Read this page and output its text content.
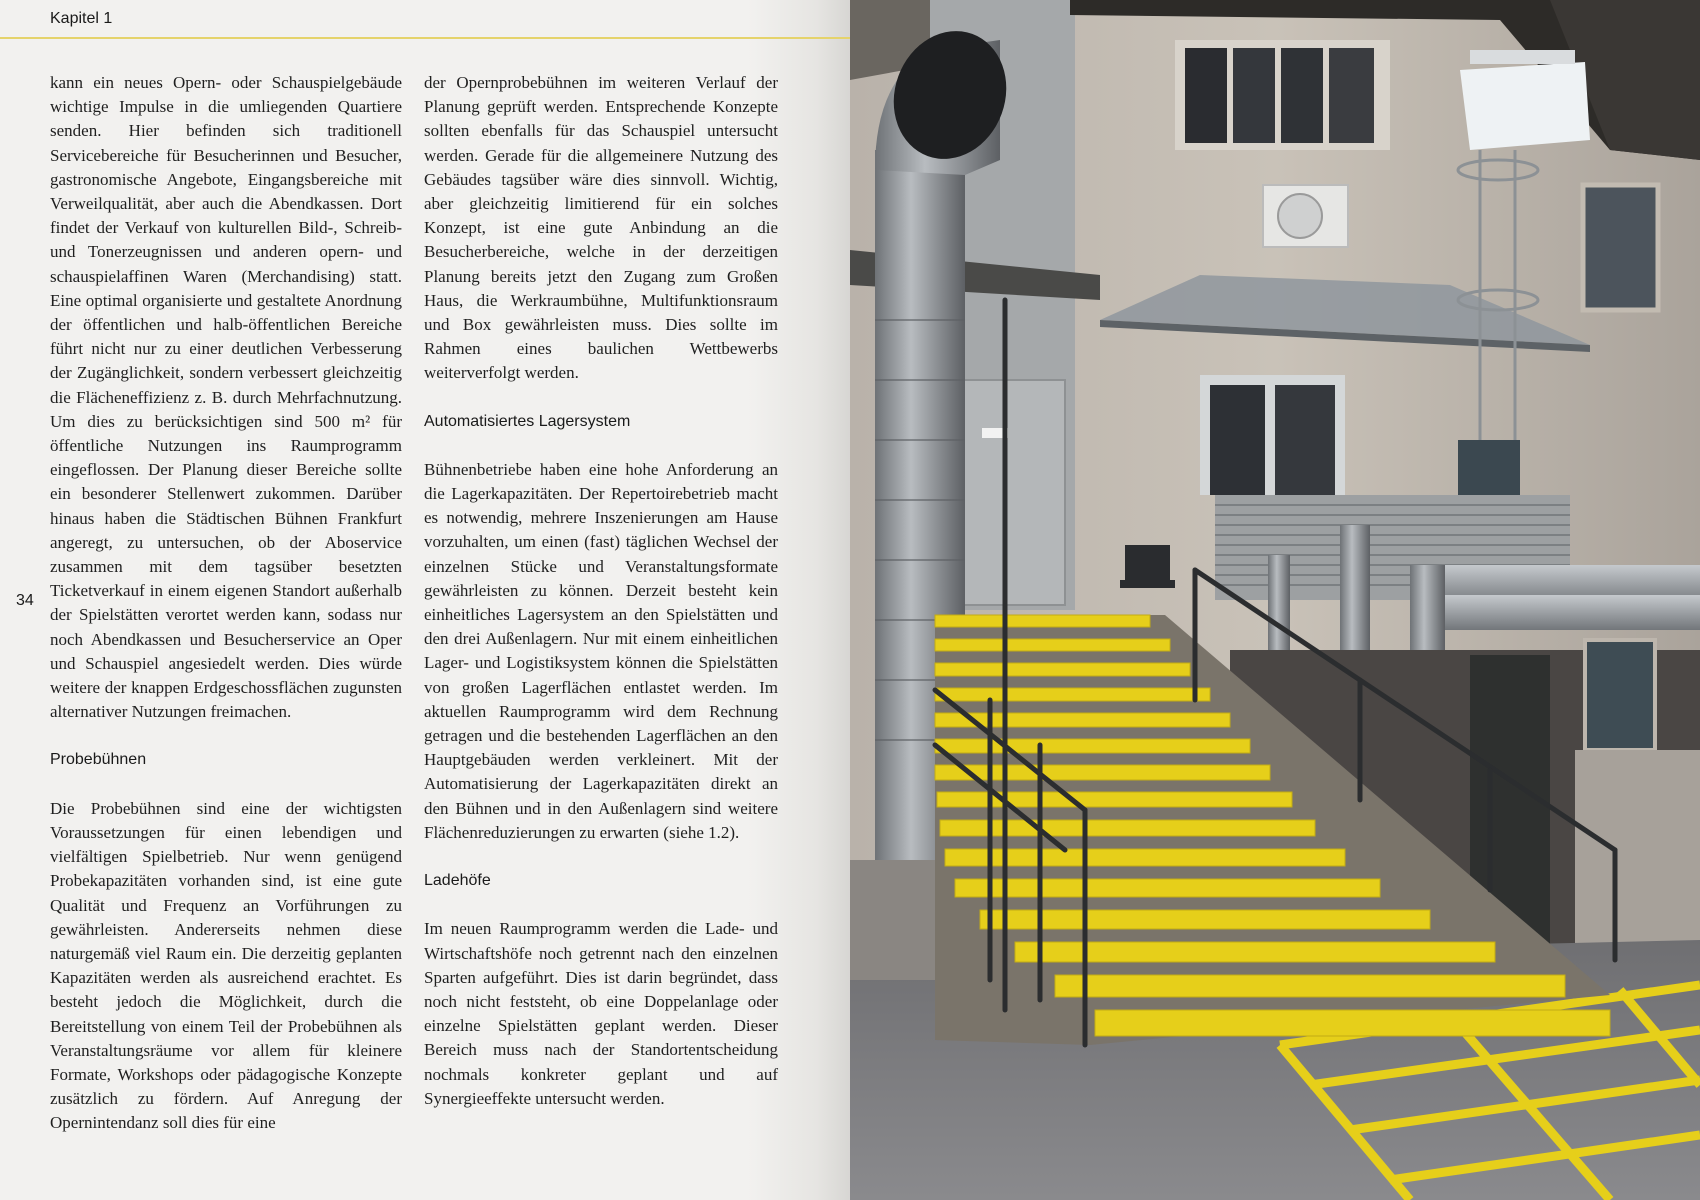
Kapitel 1
34

kann ein neues Opern- oder Schauspielgebäude wichtige Impulse in die umliegenden Quartiere senden. Hier befinden sich traditionell Servicebereiche für Besucherinnen und Besucher, gastronomische Angebote, Eingangsbereiche mit Verweilqualität, aber auch die Abendkassen. Dort findet der Verkauf von kulturellen Bild-, Schreib- und Tonerzeugnissen und anderen opern- und schauspielaffinen Waren (Merchandising) statt. Eine optimal organisierte und gestaltete Anordnung der öffentlichen und halb-öffentlichen Bereiche führt nicht nur zu einer deutlichen Verbesserung der Zugänglichkeit, sondern verbessert gleichzeitig die Flächeneffizienz z. B. durch Mehrfachnutzung. Um dies zu berücksichtigen sind 500 m² für öffentliche Nutzungen ins Raumprogramm eingeflossen. Der Planung dieser Bereiche sollte ein besonderer Stellenwert zukommen. Darüber hinaus haben die Städtischen Bühnen Frankfurt angeregt, zu untersuchen, ob der Aboservice zusammen mit dem tagsüber besetzten Ticketverkauf in einem eigenen Standort außerhalb der Spielstätten verortet werden kann, sodass nur noch Abendkassen und Besucherservice an Oper und Schauspiel angesiedelt werden. Dies würde weitere der knappen Erdgeschossflächen zugunsten alternativer Nutzungen freimachen.

Probebühnen

Die Probebühnen sind eine der wichtigsten Voraussetzungen für einen lebendigen und vielfältigen Spielbetrieb. Nur wenn genügend Probekapazitäten vorhanden sind, ist eine gute Qualität und Frequenz an Vorführungen zu gewährleisten. Andererseits nehmen diese naturgemäß viel Raum ein. Die derzeitig geplanten Kapazitäten werden als ausreichend erachtet. Es besteht jedoch die Möglichkeit, durch die Bereitstellung von einem Teil der Probebühnen als Veranstaltungsräume vor allem für kleinere Formate, Workshops oder pädagogische Konzepte zusätzlich zu fördern. Auf Anregung der Opernintendanz soll dies für eine

der Opernprobebühnen im weiteren Verlauf der Planung geprüft werden. Entsprechende Konzepte sollten ebenfalls für das Schauspiel untersucht werden. Gerade für die allgemeinere Nutzung des Gebäudes tagsüber wäre dies sinnvoll. Wichtig, aber gleichzeitig limitierend für ein solches Konzept, ist eine gute Anbindung an die Besucherbereiche, welche in der derzeitigen Planung bereits jetzt den Zugang zum Großen Haus, die Werkraumbühne, Multifunktionsraum und Box gewährleisten muss. Dies sollte im Rahmen eines baulichen Wettbewerbs weiterverfolgt werden.

Automatisiertes Lagersystem

Bühnenbetriebe haben eine hohe Anforderung an die Lagerkapazitäten. Der Repertoirebetrieb macht es notwendig, mehrere Inszenierungen am Hause vorzuhalten, um einen (fast) täglichen Wechsel der einzelnen Stücke und Veranstaltungsformate gewährleisten zu können. Derzeit besteht kein einheitliches Lagersystem an den Spielstätten und den drei Außenlagern. Nur mit einem einheitlichen Lager- und Logistiksystem können die Spielstätten von großen Lagerflächen entlastet werden. Im aktuellen Raumprogramm wird dem Rechnung getragen und die bestehenden Lagerflächen an den Hauptgebäuden werden verkleinert. Mit der Automatisierung der Lagerkapazitäten direkt an den Bühnen und in den Außenlagern sind weitere Flächenreduzierungen zu erwarten (siehe 1.2).

Ladehöfe

Im neuen Raumprogramm werden die Lade- und Wirtschaftshöfe noch getrennt nach den einzelnen Sparten aufgeführt. Dies ist darin begründet, dass noch nicht feststeht, ob eine Doppelanlage oder einzelne Spielstätten geplant werden. Dieser Bereich muss nach der Standortentscheidung nochmals konkreter geplant und auf Synergieeffekte untersucht werden.
